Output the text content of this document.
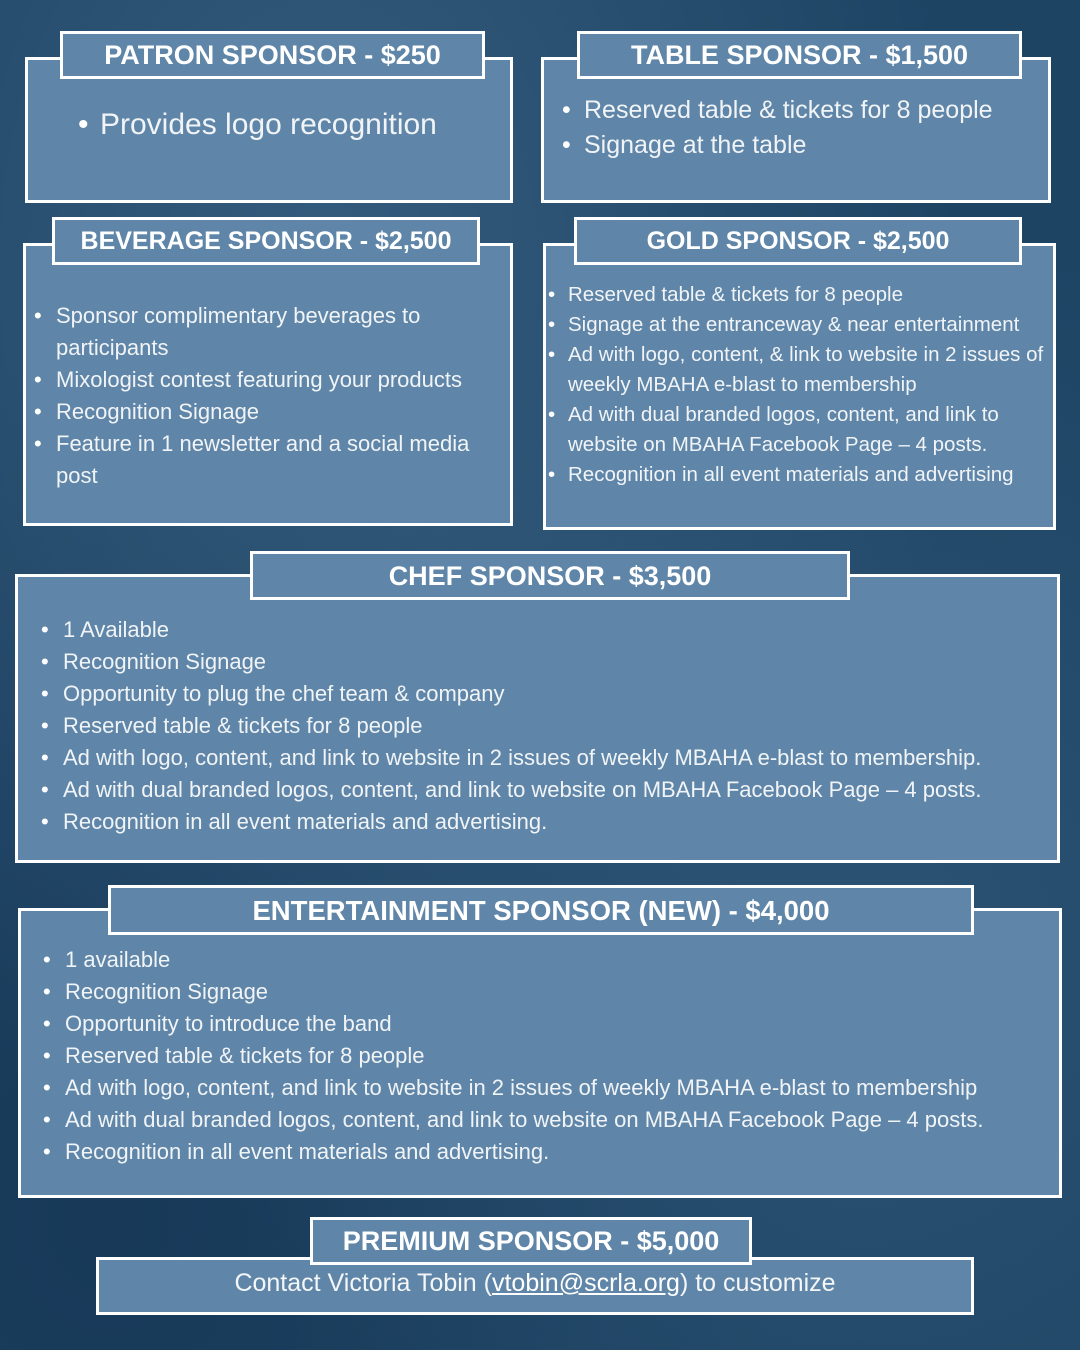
PATRON SPONSOR - $250
• Provides logo recognition
TABLE SPONSOR - $1,500
• Reserved table & tickets for 8 people
• Signage at the table
BEVERAGE SPONSOR - $2,500
• Sponsor complimentary beverages to participants
• Mixologist contest featuring your products
• Recognition Signage
• Feature in 1 newsletter and a social media post
GOLD SPONSOR - $2,500
• Reserved table & tickets for 8 people
• Signage at the entranceway & near entertainment
• Ad with logo, content, & link to website in 2 issues of weekly MBAHA e-blast to membership
• Ad with dual branded logos, content, and link to website on MBAHA Facebook Page – 4 posts.
• Recognition in all event materials and advertising
CHEF SPONSOR - $3,500
• 1 Available
• Recognition Signage
• Opportunity to plug the chef team & company
• Reserved table & tickets for 8 people
• Ad with logo, content, and link to website in 2 issues of weekly MBAHA e-blast to membership.
• Ad with dual branded logos, content, and link to website on MBAHA Facebook Page – 4 posts.
• Recognition in all event materials and advertising.
ENTERTAINMENT SPONSOR (NEW) - $4,000
• 1 available
• Recognition Signage
• Opportunity to introduce the band
• Reserved table & tickets for 8 people
• Ad with logo, content, and link to website in 2 issues of weekly MBAHA e-blast to membership
• Ad with dual branded logos, content, and link to website on MBAHA Facebook Page – 4 posts.
• Recognition in all event materials and advertising.
Contact Victoria Tobin (vtobin@scrla.org) to customize
PREMIUM SPONSOR - $5,000
